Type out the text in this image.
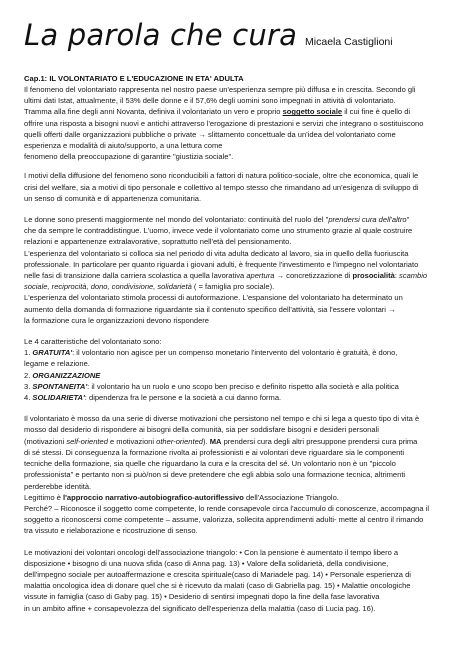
La parola che cura Micaela Castiglioni
Cap.1: IL VOLONTARIATO E L'EDUCAZIONE IN ETA' ADULTA

Il fenomeno del volontariato rappresenta nel nostro paese un'esperienza sempre più diffusa e in crescita. Secondo gli

ultimi dati Istat, attualmente, il 53% delle donne e il 57,6% degli uomini sono impegnati in attività di volontariato.

Tramma alla fine degli anni Novanta, definiva il volontariato un vero e proprio soggetto sociale il cui fine è quello di

offrire una risposta a bisogni nuovi e antichi attraverso l'erogazione di prestazioni e servizi che integrano o sostituiscono

quelli offerti dalle organizzazioni pubbliche o private → slittamento concettuale da un'idea del volontariato come

esperienza e modalità di aiuto/supporto, a una lettura come

fenomeno della preoccupazione di garantire "giustizia sociale".

I motivi della diffusione del fenomeno sono riconducibili a fattori di natura politico-sociale, oltre che economica, quali le

crisi del welfare, sia a motivi di tipo personale e collettivo al tempo stesso che rimandano ad un'esigenza di sviluppo di

un senso di comunità e di appartenenza comunitaria.

Le donne sono presenti maggiormente nel mondo del volontariato: continuità del ruolo del "prendersi cura dell'altro"

che da sempre le contraddistingue. L'uomo, invece vede il volontariato come uno strumento grazie al quale costruire

relazioni e appartenenze extralavorative, soprattutto nell'età del pensionamento.

L'esperienza del volontariato si colloca sia nel periodo di vita adulta dedicato al lavoro, sia in quello della fuoriuscita

professionale. In particolare per quanto riguarda i giovani adulti, è frequente l'investimento e l'impegno nel volontariato

nelle fasi di transizione dalla carriera scolastica a quella lavorativa apertura → concretizzazione di prosocialità: scambio

sociale, reciprocità, dono, condivisione, solidarietà ( = famiglia pro sociale).

L'esperienza del volontariato stimola processi di autoformazione. L'espansione del volontariato ha determinato un

aumento della domanda di formazione riguardante sia il contenuto specifico dell'attività, sia l'essere volontari →

la formazione cura le organizzazioni devono rispondere

Le 4 caratteristiche del volontariato sono:

1. GRATUITA': il volontario non agisce per un compenso monetario l'intervento del volontario è gratuità, è dono,

legame e relazione.

2. ORGANIZZAZIONE

3. SPONTANEITA': il volontario ha un ruolo e uno scopo ben preciso e definito rispetto alla società e alla politica

4. SOLIDARIETA': dipendenza fra le persone e la società a cui danno forma.

Il volontariato è mosso da una serie di diverse motivazioni che persistono nel tempo e chi si lega a questo tipo di vita è

mosso dal desiderio di rispondere ai bisogni della comunità, sia per soddisfare bisogni e desideri personali

(motivazioni self-oriented e motivazioni other-oriented). MA prendersi cura degli altri presuppone prendersi cura prima

di sé stessi. Di conseguenza la formazione rivolta ai professionisti e ai volontari deve riguardare sia le componenti

tecniche della formazione, sia quelle che riguardano la cura e la crescita del sé. Un volontario non è un "piccolo

professionista" e pertanto non si può/non si deve pretendere che egli abbia solo una formazione tecnica, altrimenti

perderebbe identità.

Legittimo è l'approccio narrativo-autobiografico-autoriflessivo dell'Associazione Triangolo.

Perché? – Riconosce il soggetto come competente, lo rende consapevole circa l'accumulo di conoscenze, accompagna il

soggetto a riconoscersi come competente – assume, valorizza, sollecita apprendimenti adulti- mette al centro il rimando

tra vissuto e rielaborazione e ricostruzione di senso.

Le motivazioni dei volontari oncologi dell'associazione triangolo: • Con la pensione è aumentato il tempo libero a

disposizione • bisogno di una nuova sfida (caso di Anna pag. 13) • Valore della solidarietà, della condivisione,

dell'impegno sociale per autoaffermazione e crescita spirituale(caso di Mariadele pag. 14) • Personale esperienza di

malattia oncologica idea di donare quel che si è ricevuto da malati (caso di Gabriella pag. 15) • Malattie oncologiche

vissute in famiglia (caso di Gaby pag. 15) • Desiderio di sentirsi impegnati dopo la fine della fase lavorativa

in un ambito affine + consapevolezza del significato dell'esperienza della malattia (caso di Lucia pag. 16).
